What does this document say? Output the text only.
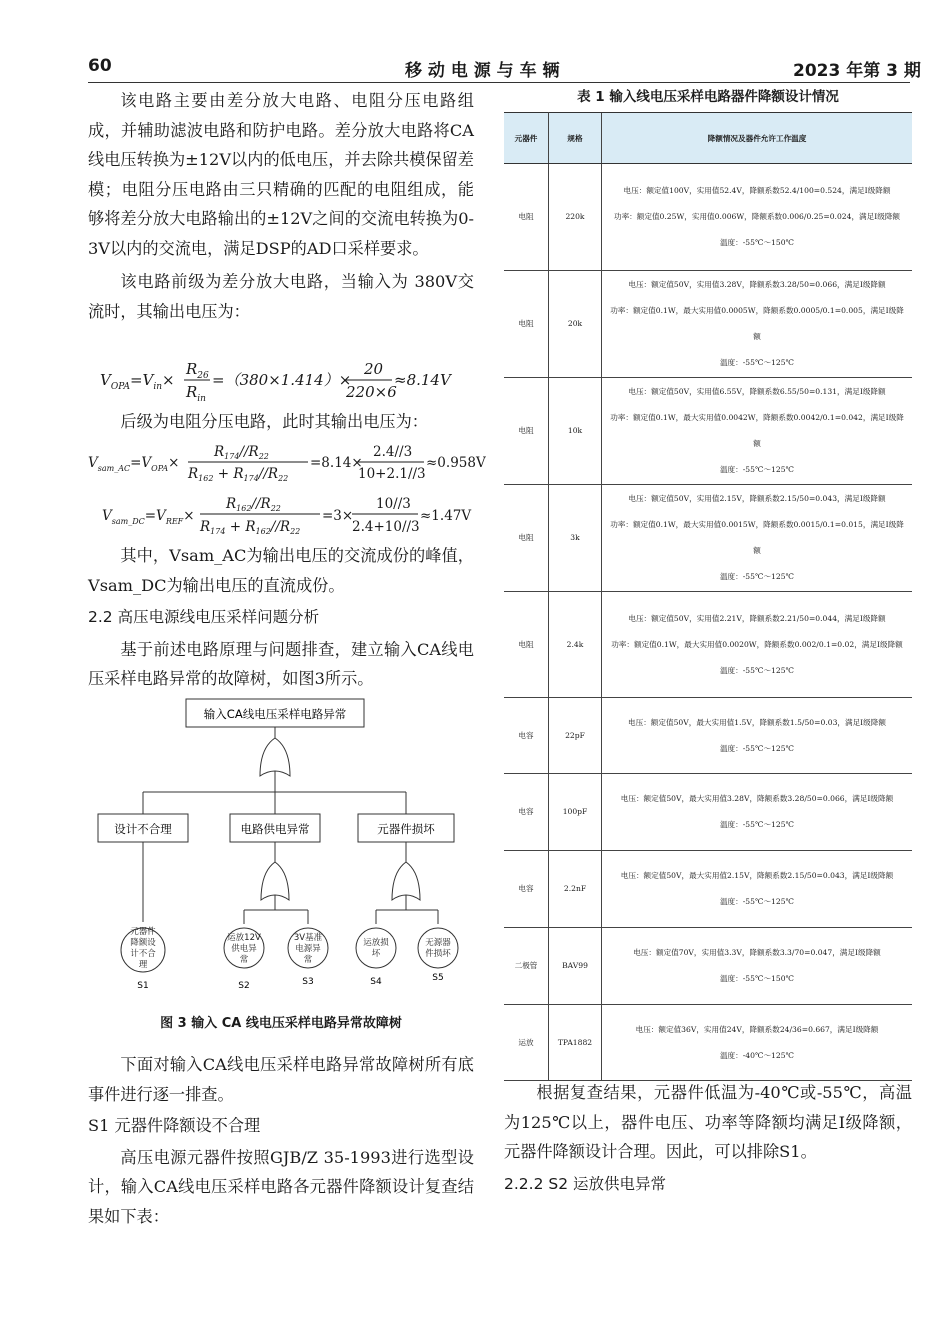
60	移 动 电 源 与 车 辆	2023 年第 3 期

该电路主要由差分放大电路、电阻分压电路组成，并辅助滤波电路和防护电路。差分放大电路将CA线电压转换为±12V以内的低电压，并去除共模保留差模；电阻分压电路由三只精确的匹配的电阻组成，能够将差分放大电路输出的±12V之间的交流电转换为0-3V以内的交流电，满足DSP的AD口采样要求。

该电路前级为差分放大电路，当输入为 380V交流时，其输出电压为：

$V_{OPA}=V_{in}\times$
$R_{26}$
$R_{in}$
=（380×1.414）×
20
220×6
≈8.14V

后级为电阻分压电路，此时其输出电压为：

$V_{sam\_AC}=V_{OPA}\times$
$R_{174}//R_{22}$
$R_{162} + R_{174}//R_{22}$
=8.14×
2.4//3
10+2.1//3
≈0.958V
$V_{sam\_DC}=V_{REF}\times$
$R_{162}//R_{22}$
$R_{174} + R_{162}//R_{22}$
=3×
10//3
2.4+10//3
≈1.47V

其中，Vsam_AC为输出电压的交流成份的峰值，Vsam_DC为输出电压的直流成份。

2.2 高压电源线电压采样问题分析

基于前述电路原理与问题排查，建立输入CA线电压采样电路异常的故障树，如图3所示。

输入CA线电压采样电路异常
设计不合理	电路供电异常	元器件损坏
元器件降额设计不合理
运放12V 供电异常
3V基准电源异常
运放损坏
无源器件损坏
S1	S2	S3	S4	S5
图 3 输入 CA 线电压采样电路异常故障树

下面对输入CA线电压采样电路异常故障树所有底事件进行逐一排查。

S1 元器件降额设不合理

高压电源元器件按照GJB/Z 35-1993进行选型设计，输入CA线电压采样电路各元器件降额设计复查结果如下表：

表 1 输入线电压采样电路器件降额设计情况
元器件	规格	降额情况及器件允许工作温度
电阻	220k	电压：额定值100V，实用值52.4V，降额系数52.4/100=0.524，满足I级降额
功率：额定值0.25W，实用值0.006W，降额系数0.006/0.25=0.024，满足I级降额
温度：-55℃～150℃

电阻	20k	电压：额定值50V，实用值3.28V，降额系数3.28/50=0.066，满足I级降额
功率：额定值0.1W，最大实用值0.0005W，降额系数0.0005/0.1=0.005，满足I级降额
温度：-55℃～125℃

电阻	10k	电压：额定值50V，实用值6.55V，降额系数6.55/50=0.131，满足I级降额
功率：额定值0.1W，最大实用值0.0042W，降额系数0.0042/0.1=0.042，满足I级降额
温度：-55℃～125℃

电阻	3k	电压：额定值50V，实用值2.15V，降额系数2.15/50=0.043，满足I级降额
功率：额定值0.1W，最大实用值0.0015W，降额系数0.0015/0.1=0.015，满足I级降额
温度：-55℃～125℃

电阻	2.4k	电压：额定值50V，实用值2.21V，降额系数2.21/50=0.044，满足I级降额
功率：额定值0.1W，最大实用值0.0020W，降额系数0.002/0.1=0.02，满足I级降额
温度：-55℃～125℃

电容	22pF	电压：额定值50V，最大实用值1.5V，降额系数1.5/50=0.03，满足I级降额
温度：-55℃～125℃

电容	100pF	电压：额定值50V，最大实用值3.28V，降额系数3.28/50=0.066，满足I级降额
温度：-55℃～125℃

电容	2.2nF	电压：额定值50V，最大实用值2.15V，降额系数2.15/50=0.043，满足I级降额
温度：-55℃～125℃

二极管	BAV99	电压：额定值70V，实用值3.3V，降额系数3.3/70=0.047，满足I级降额
温度：-55℃～150℃

运放	TPA1882	电压：额定值36V，实用值24V，降额系数24/36=0.667，满足I级降额
温度：-40℃～125℃

根据复查结果，元器件低温为-40℃或-55℃，高温为125℃以上，器件电压、功率等降额均满足I级降额，元器件降额设计合理。因此，可以排除S1。

2.2.2 S2 运放供电异常
